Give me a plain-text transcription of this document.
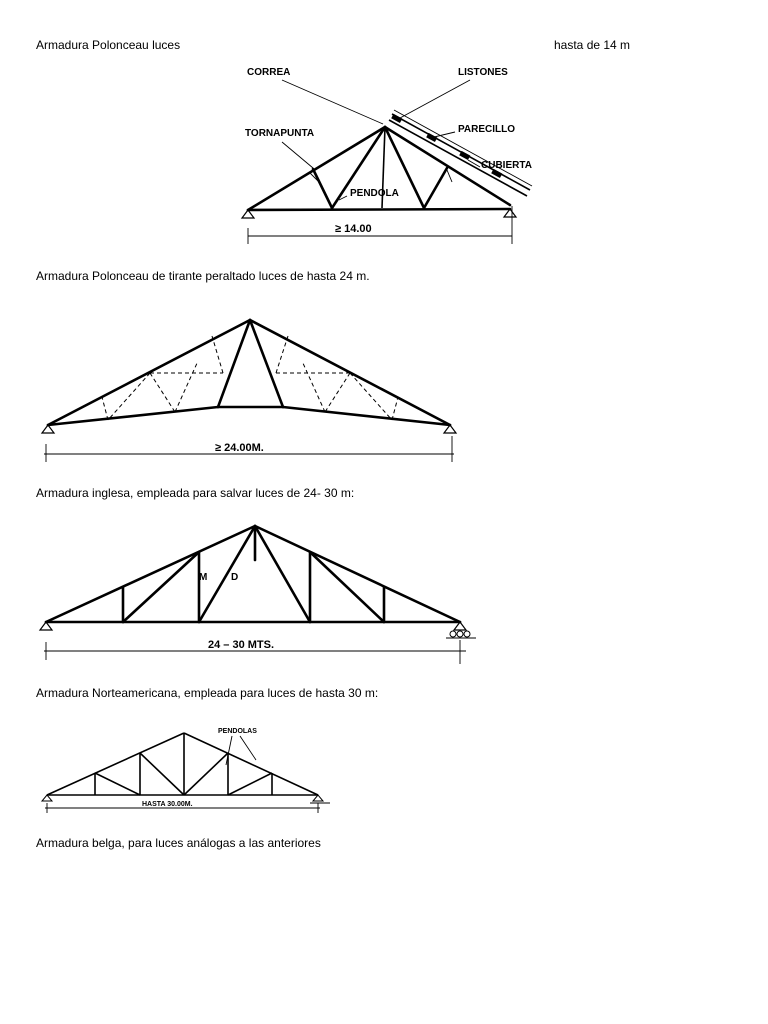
Armadura Polonceau luces	hasta de 14 m
Armadura Polonceau de tirante peraltado luces de hasta 24 m.
Armadura inglesa, empleada para salvar luces de 24- 30 m:
Armadura Norteamericana, empleada para luces de hasta 30 m:
Armadura belga, para luces análogas a las anteriores
CORREA	LISTONES
TORNAPUNTA	PARECILLO
CUBIERTA
PENDOLA
≥ 14.00
≥ 24.00M.
M D
24 – 30 MTS.
PENDOLAS
HASTA 30.00M.
